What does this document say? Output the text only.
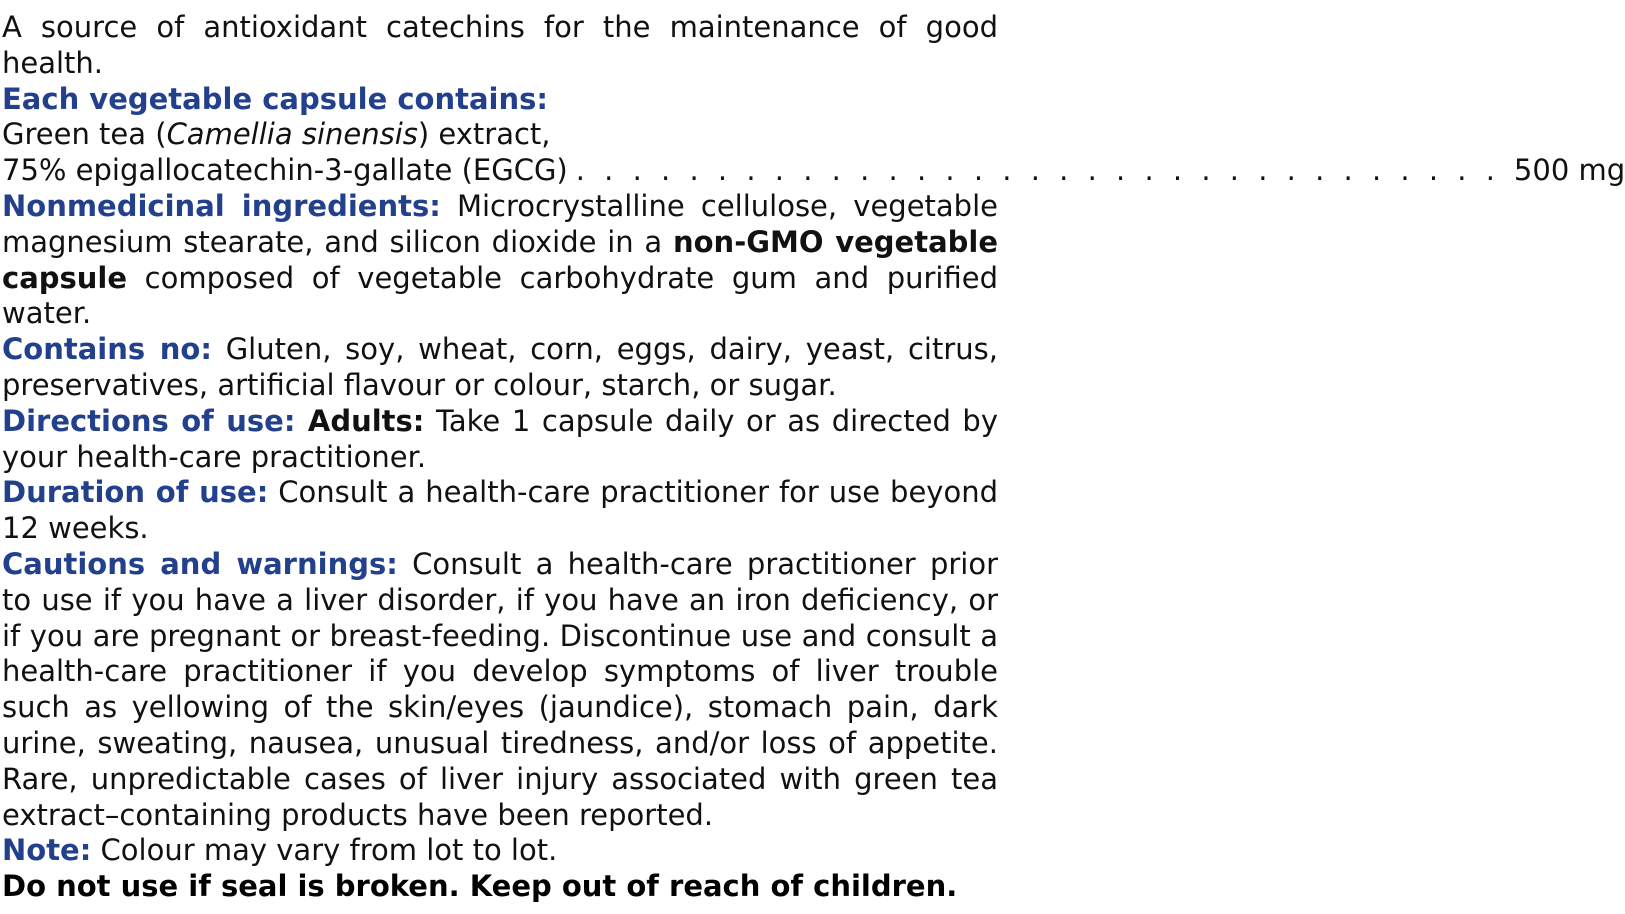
A source of antioxidant catechins for the maintenance of good health.

Each vegetable capsule contains:

Green tea (Camellia sinensis) extract,

75% epigallocatechin-3-gallate (EGCG) . . . . . . . . . . . . . . . . . . . . . . . . . . . . . . . . . 500 mg

Nonmedicinal ingredients: Microcrystalline cellulose, vegetable magnesium stearate, and silicon dioxide in a non-GMO vegetable capsule composed of vegetable carbohydrate gum and purified water.

Contains no: Gluten, soy, wheat, corn, eggs, dairy, yeast, citrus, preservatives, artificial flavour or colour, starch, or sugar.

Directions of use: Adults: Take 1 capsule daily or as directed by your health-care practitioner.

Duration of use: Consult a health-care practitioner for use beyond 12 weeks.

Cautions and warnings: Consult a health-care practitioner prior to use if you have a liver disorder, if you have an iron deficiency, or if you are pregnant or breast-feeding. Discontinue use and consult a health-care practitioner if you develop symptoms of liver trouble such as yellowing of the skin/eyes (jaundice), stomach pain, dark urine, sweating, nausea, unusual tiredness, and/or loss of appetite. Rare, unpredictable cases of liver injury associated with green tea extract–containing products have been reported.

Note: Colour may vary from lot to lot.

Do not use if seal is broken. Keep out of reach of children.
